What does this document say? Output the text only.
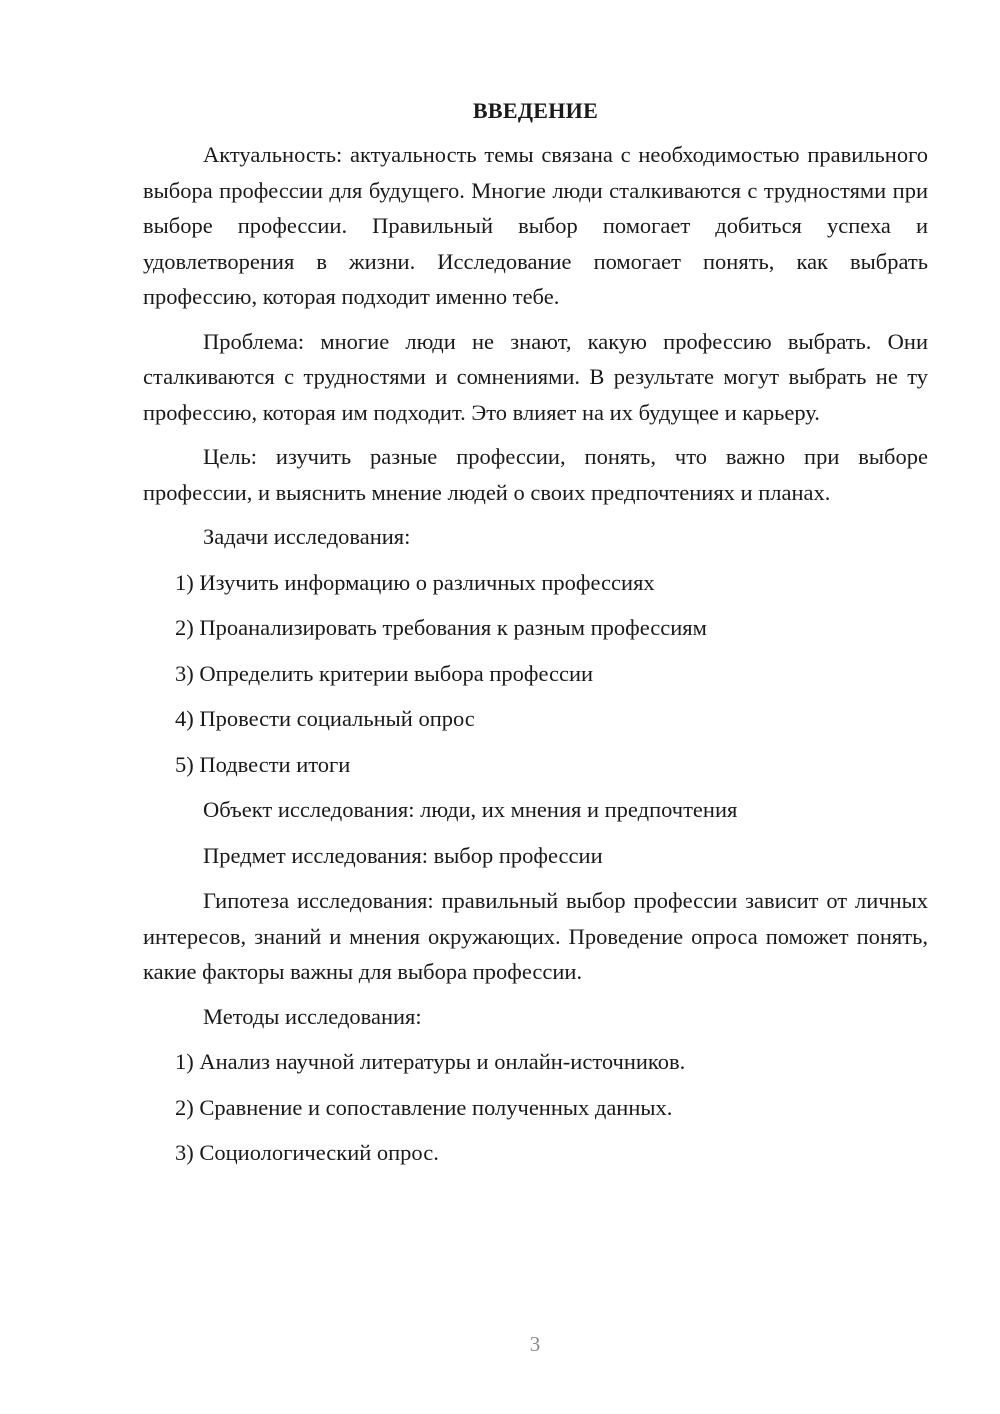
ВВЕДЕНИЕ

Актуальность: актуальность темы связана с необходимостью правильного выбора профессии для будущего. Многие люди сталкиваются с трудностями при выборе профессии. Правильный выбор помогает добиться успеха и удовлетворения в жизни. Исследование помогает понять, как выбрать профессию, которая подходит именно тебе.

Проблема: многие люди не знают, какую профессию выбрать. Они сталкиваются с трудностями и сомнениями. В результате могут выбрать не ту профессию, которая им подходит. Это влияет на их будущее и карьеру.

Цель: изучить разные профессии, понять, что важно при выборе профессии, и выяснить мнение людей о своих предпочтениях и планах.

Задачи исследования:
1) Изучить информацию о различных профессиях
2) Проанализировать требования к разным профессиям
3) Определить критерии выбора профессии
4) Провести социальный опрос
5) Подвести итоги
Объект исследования: люди, их мнения и предпочтения
Предмет исследования: выбор профессии

Гипотеза исследования: правильный выбор профессии зависит от личных интересов, знаний и мнения окружающих. Проведение опроса поможет понять, какие факторы важны для выбора профессии.

Методы исследования:
1) Анализ научной литературы и онлайн-источников.
2) Сравнение и сопоставление полученных данных.
3) Социологический опрос.
3
